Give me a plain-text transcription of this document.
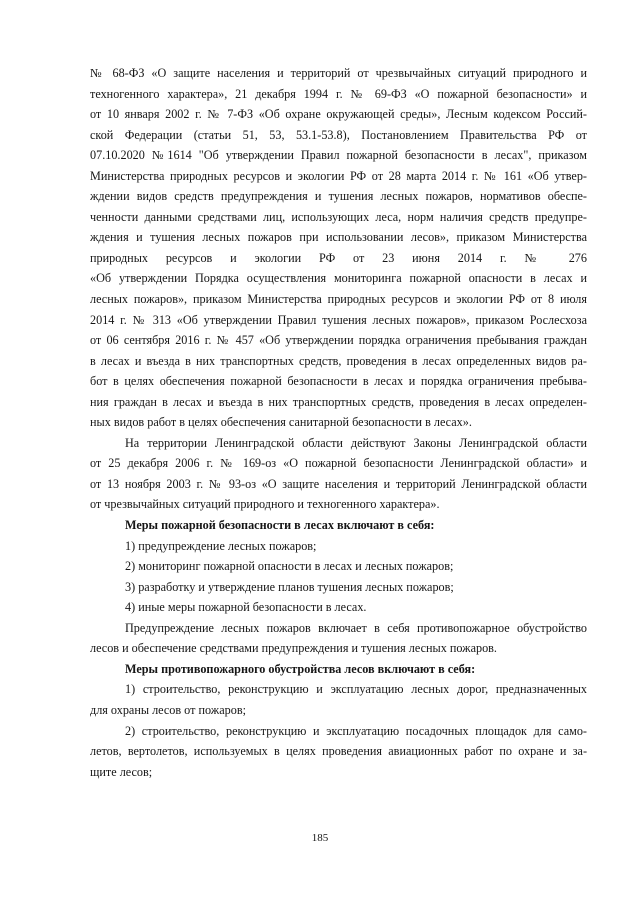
№ 68-ФЗ «О защите населения и территорий от чрезвычайных ситуаций природного и
техногенного характера», 21 декабря 1994 г. № 69-ФЗ «О пожарной безопасности» и
от 10 января 2002 г. № 7-ФЗ «Об охране окружающей среды», Лесным кодексом Россий-
ской Федерации (статьи 51, 53, 53.1-53.8), Постановлением Правительства РФ от
07.10.2020 №1614 "Об утверждении Правил пожарной безопасности в лесах", приказом
Министерства природных ресурсов и экологии РФ от 28 марта 2014 г. № 161 «Об утвер-
ждении видов средств предупреждения и тушения лесных пожаров, нормативов обеспе-
ченности данными средствами лиц, использующих леса, норм наличия средств предупре-
ждения и тушения лесных пожаров при использовании лесов», приказом Министерства
природных ресурсов и экологии РФ от 23 июня 2014 г. № 276
«Об утверждении Порядка осуществления мониторинга пожарной опасности в лесах и
лесных пожаров», приказом Министерства природных ресурсов и экологии РФ от 8 июля
2014 г. № 313 «Об утверждении Правил тушения лесных пожаров», приказом Рослесхоза
от 06 сентября 2016 г. № 457 «Об утверждении порядка ограничения пребывания граждан
в лесах и въезда в них транспортных средств, проведения в лесах определенных видов ра-
бот в целях обеспечения пожарной безопасности в лесах и порядка ограничения пребыва-
ния граждан в лесах и въезда в них транспортных средств, проведения в лесах определен-
ных видов работ в целях обеспечения санитарной безопасности в лесах».
На территории Ленинградской области действуют Законы Ленинградской области
от 25 декабря 2006 г. № 169-оз «О пожарной безопасности Ленинградской области» и
от 13 ноября 2003 г. № 93-оз «О защите населения и территорий Ленинградской области
от чрезвычайных ситуаций природного и техногенного характера».
Меры пожарной безопасности в лесах включают в себя:
1) предупреждение лесных пожаров;
2) мониторинг пожарной опасности в лесах и лесных пожаров;
3) разработку и утверждение планов тушения лесных пожаров;
4) иные меры пожарной безопасности в лесах.
Предупреждение лесных пожаров включает в себя противопожарное обустройство
лесов и обеспечение средствами предупреждения и тушения лесных пожаров.
Меры противопожарного обустройства лесов включают в себя:
1) строительство, реконструкцию и эксплуатацию лесных дорог, предназначенных
для охраны лесов от пожаров;
2) строительство, реконструкцию и эксплуатацию посадочных площадок для само-
летов, вертолетов, используемых в целях проведения авиационных работ по охране и за-
щите лесов;
185
